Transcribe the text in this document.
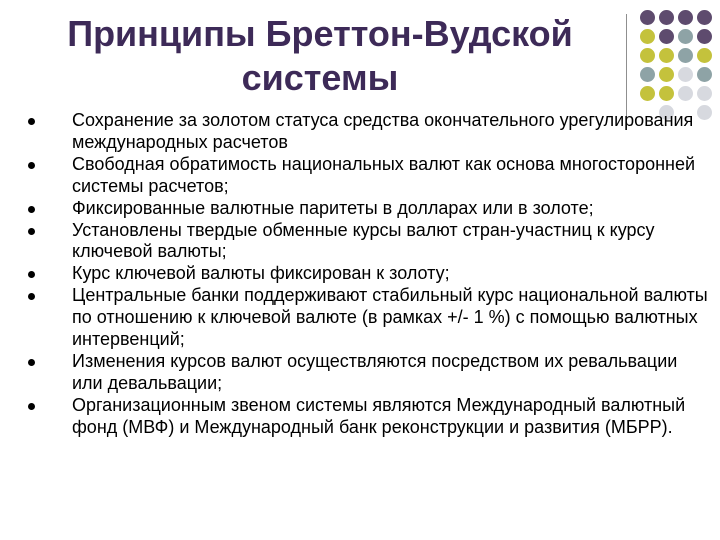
Принципы Бреттон-Вудской системы
Сохранение за золотом статуса средства окончательного урегулирования международных расчетов
Свободная обратимость национальных валют как основа многосторонней системы расчетов;
Фиксированные валютные паритеты в долларах или в золоте;
Установлены твердые обменные курсы валют стран-участниц к курсу ключевой валюты;
Курс ключевой валюты фиксирован к золоту;
Центральные банки поддерживают стабильный курс национальной валюты по отношению к ключевой валюте (в рамках +/- 1 %) с помощью валютных интервенций;
Изменения курсов валют осуществляются посредством их ревальвации или девальвации;
Организационным звеном системы являются Международный валютный фонд (МВФ) и Международный банк реконструкции и развития (МБРР).
